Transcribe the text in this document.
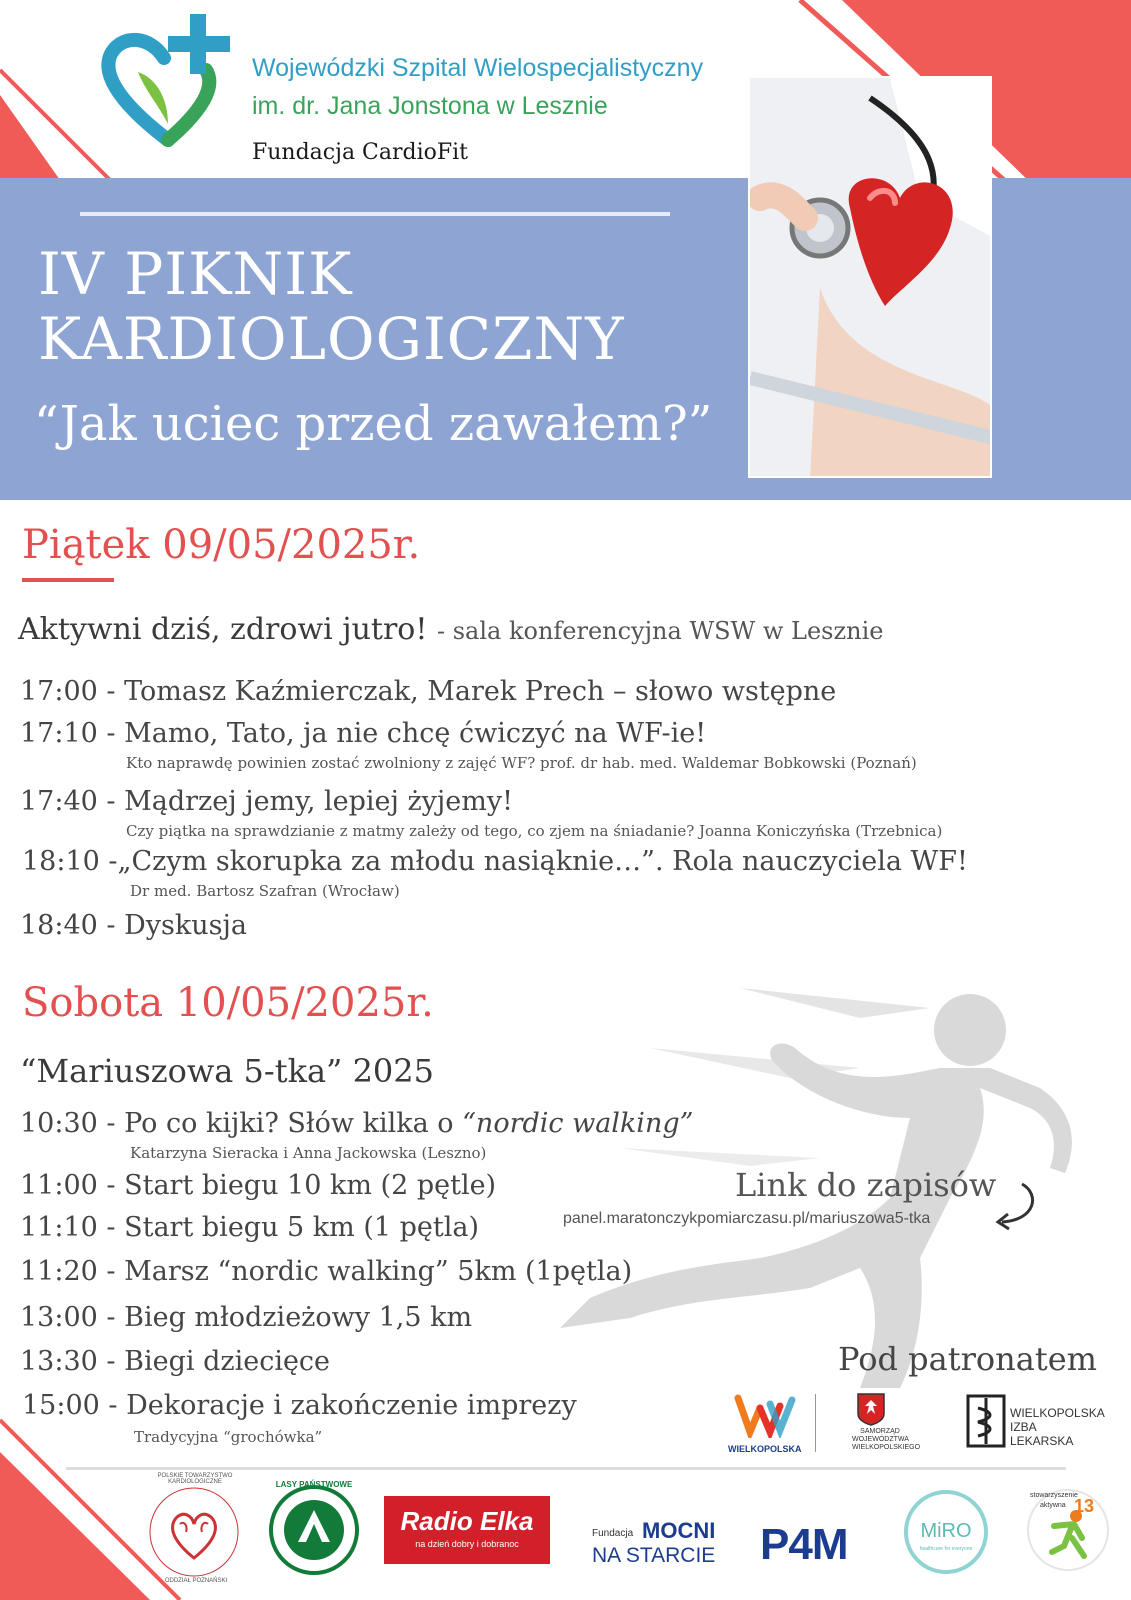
Wojewódzki Szpital Wielospecjalistyczny
im. dr. Jana Jonstona w Lesznie
Fundacja CardioFit
IV PIKNIK
KARDIOLOGICZNY
“Jak uciec przed zawałem?”
Piątek 09/05/2025r.
Aktywni dziś, zdrowi jutro! - sala konferencyjna WSW w Lesznie
17:00 - Tomasz Kaźmierczak, Marek Prech – słowo wstępne
17:10 - Mamo, Tato, ja nie chcę ćwiczyć na WF-ie!
Kto naprawdę powinien zostać zwolniony z zajęć WF? prof. dr hab. med. Waldemar Bobkowski (Poznań)
17:40 - Mądrzej jemy, lepiej żyjemy!
Czy piątka na sprawdzianie z matmy zależy od tego, co zjem na śniadanie? Joanna Koniczyńska (Trzebnica)
18:10 -„Czym skorupka za młodu nasiąknie…”. Rola nauczyciela WF!
Dr med. Bartosz Szafran (Wrocław)
18:40 - Dyskusja
Sobota 10/05/2025r.
“Mariuszowa 5-tka” 2025
10:30 - Po co kijki? Słów kilka o “nordic walking”
Katarzyna Sieracka i Anna Jackowska (Leszno)
11:00 - Start biegu 10 km (2 pętle)
11:10 - Start biegu 5 km (1 pętla)
11:20 - Marsz “nordic walking” 5km (1pętla)
13:00 - Bieg młodzieżowy 1,5 km
13:30 - Biegi dziecięce
15:00 - Dekoracje i zakończenie imprezy
Tradycyjna “grochówka”
Link do zapisów
panel.maratonczykpomiarczasu.pl/mariuszowa5-tka
Pod patronatem
WIELKOPOLSKA
SAMORZĄD
WOJEWÓDZTWA
WIELKOPOLSKIEGO
WIELKOPOLSKA
IZBA
LEKARSKA
POLSKIE TOWARZYSTWO KARDIOLOGICZNE
ODDZIAŁ POZNAŃSKI
LASY PAŃSTWOWE
Radio Elka
na dzień dobry i dobranoc
Fundacja MOCNI
NA STARCIE P4M	MiRO
healthcare for everyone
stowarzyszenie
aktywna 13
